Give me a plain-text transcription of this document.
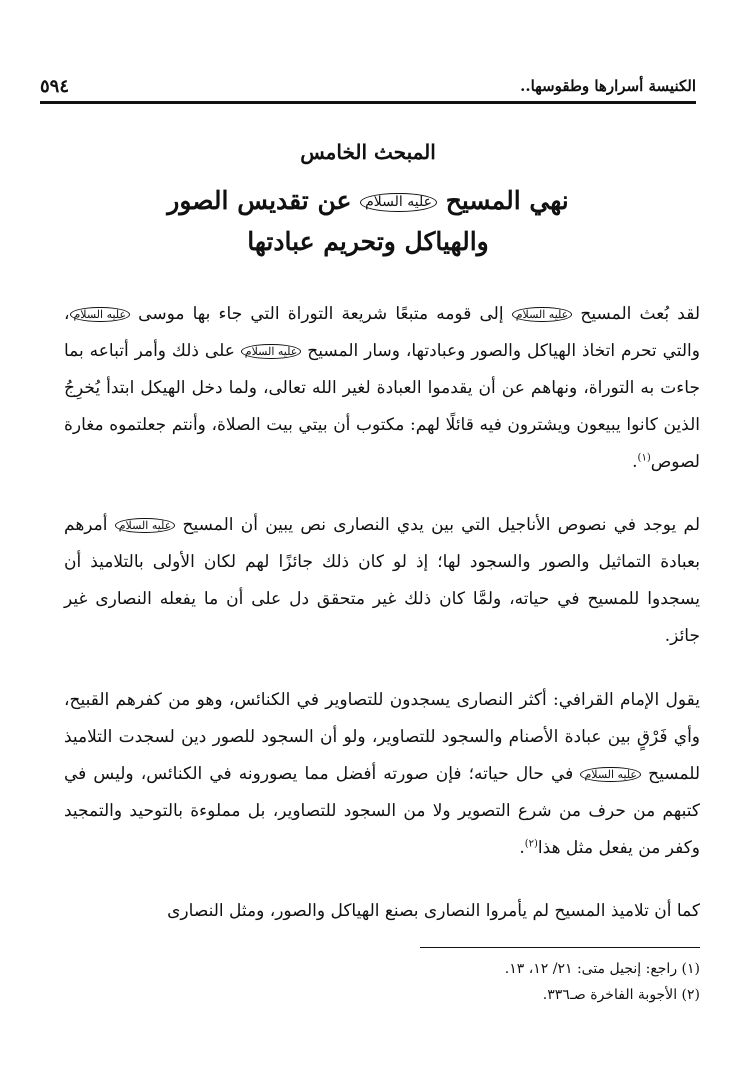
٥٩٤	الكنيسة أسرارها وطقوسها..
المبحث الخامس
نهي المسيح عليه السلام عن تقديس الصور
والهياكل وتحريم عبادتها

لقد بُعث المسيح عليه السلام إلى قومه متبعًا شريعة التوراة التي جاء بها موسى عليه السلام، والتي تحرم اتخاذ الهياكل والصور وعبادتها، وسار المسيح عليه السلام على ذلك وأمر أتباعه بما جاءت به التوراة، ونهاهم عن أن يقدموا العبادة لغير الله تعالى، ولما دخل الهيكل ابتدأ يُخرِجُ الذين كانوا يبيعون ويشترون فيه قائلًا لهم: مكتوب أن بيتي بيت الصلاة، وأنتم جعلتموه مغارة لصوص$^{(١)}$.

لم يوجد في نصوص الأناجيل التي بين يدي النصارى نص يبين أن المسيح عليه السلام أمرهم بعبادة التماثيل والصور والسجود لها؛ إذ لو كان ذلك جائزًا لهم لكان الأولى بالتلاميذ أن يسجدوا للمسيح في حياته، ولمَّا كان ذلك غير متحقق دل على أن ما يفعله النصارى غير جائز.

يقول الإمام القرافي: أكثر النصارى يسجدون للتصاوير في الكنائس، وهو من كفرهم القبيح، وأي فَرْقٍ بين عبادة الأصنام والسجود للتصاوير، ولو أن السجود للصور دين لسجدت التلاميذ للمسيح عليه السلام في حال حياته؛ فإن صورته أفضل مما يصورونه في الكنائس، وليس في كتبهم من حرف من شرع التصوير ولا من السجود للتصاوير، بل مملوءة بالتوحيد والتمجيد وكفر من يفعل مثل هذا$^{(٢)}$.

كما أن تلاميذ المسيح لم يأمروا النصارى بصنع الهياكل والصور، ومثل النصارى

(١) راجع: إنجيل متى: ٢١/ ١٢، ١٣.

(٢) الأجوبة الفاخرة صـ٣٣٦.
